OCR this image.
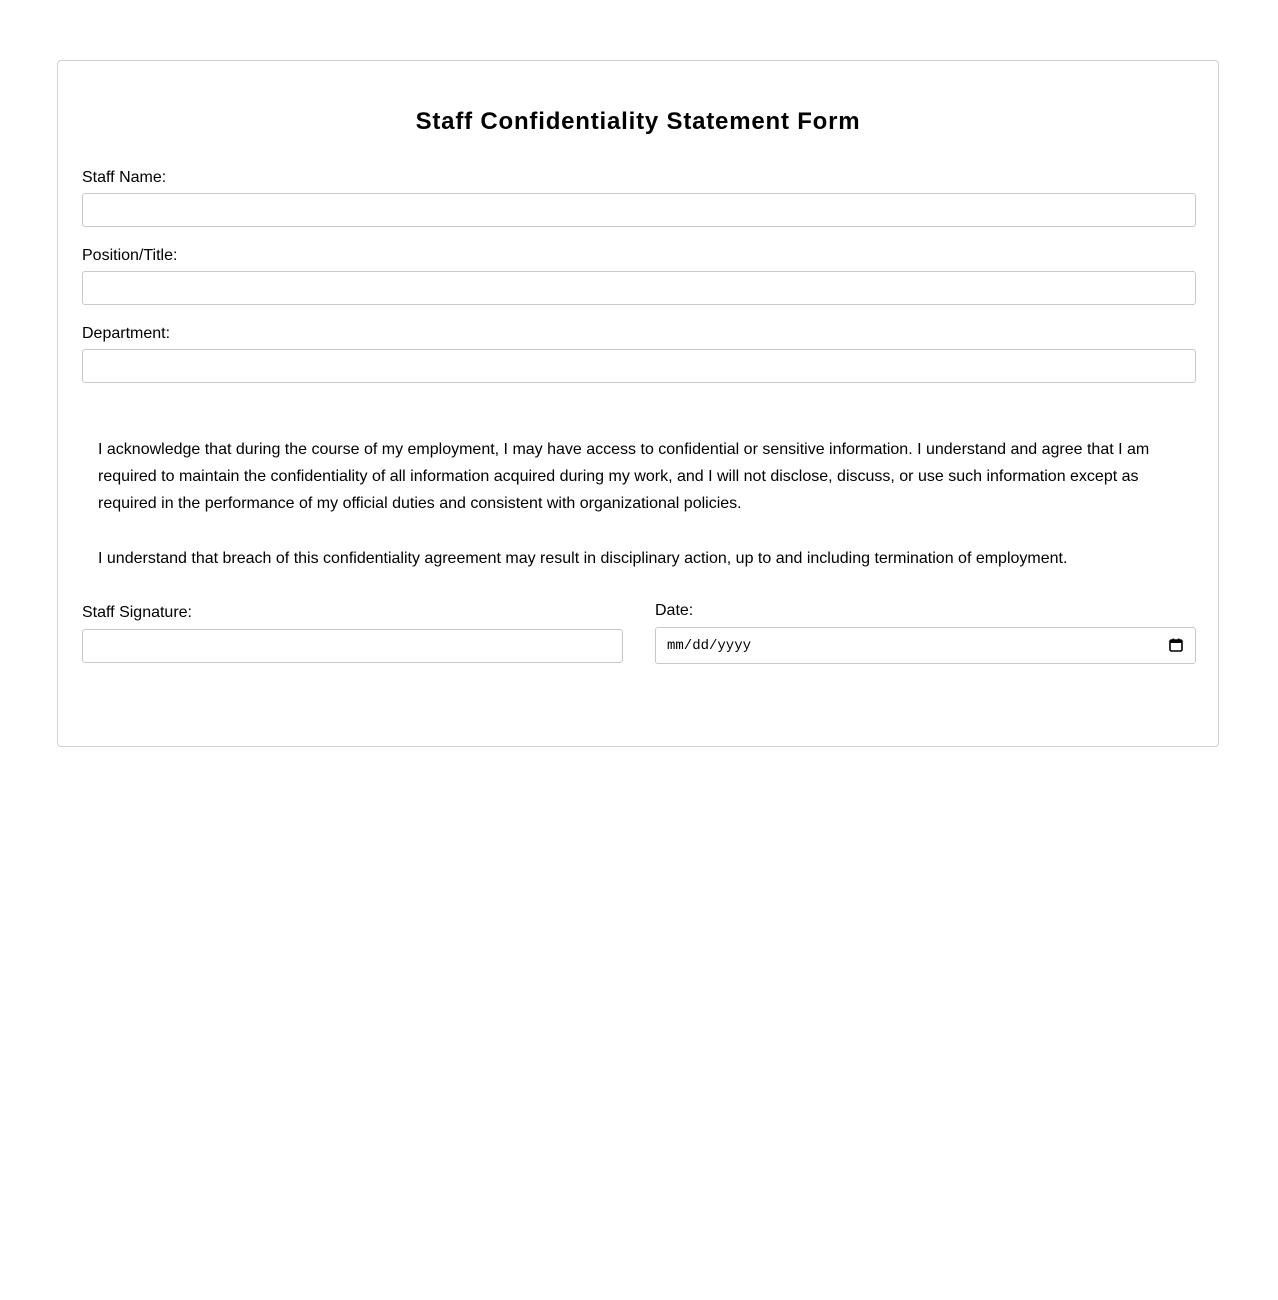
Staff Confidentiality Statement Form
Staff Name:
Position/Title:
Department:

I acknowledge that during the course of my employment, I may have access to confidential or sensitive information. I understand and agree that I am required to maintain the confidentiality of all information acquired during my work, and I will not disclose, discuss, or use such information except as required in the performance of my official duties and consistent with organizational policies.

I understand that breach of this confidentiality agreement may result in disciplinary action, up to and including termination of employment.

Staff Signature:	Date:
mm/dd/yyyy
